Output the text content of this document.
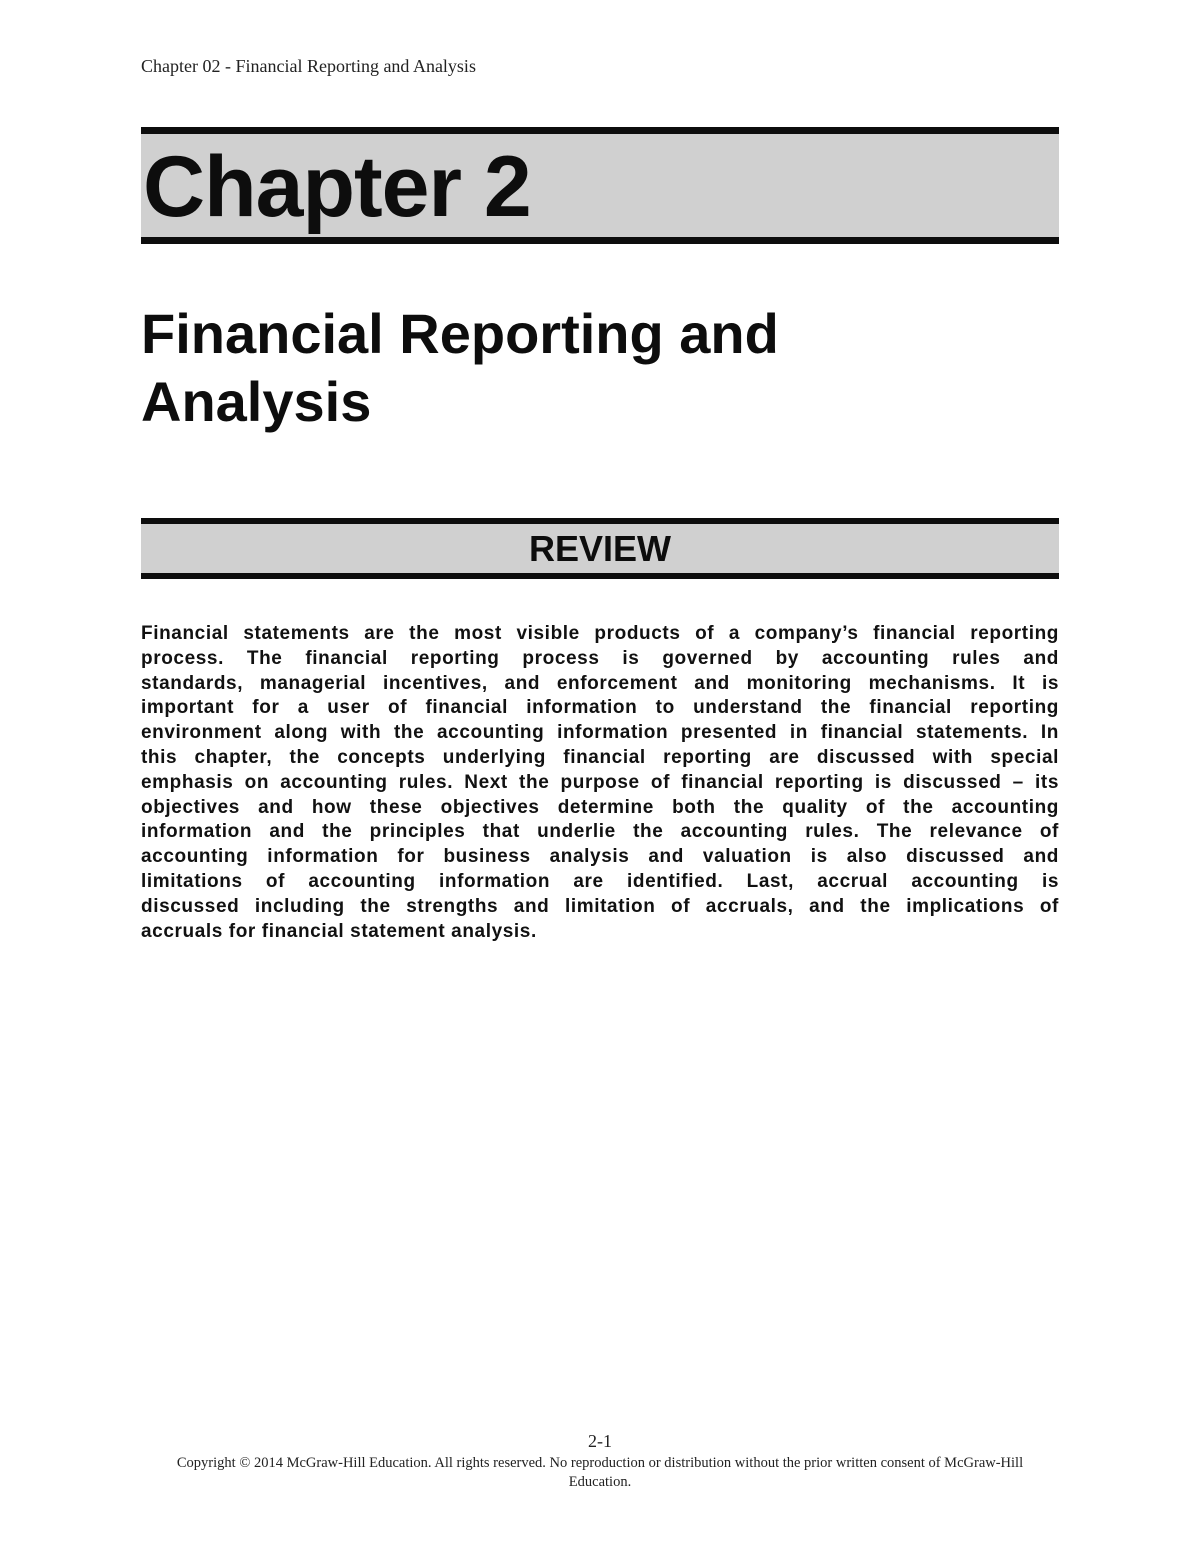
Chapter 02 - Financial Reporting and Analysis
Chapter 2
Financial Reporting and
Analysis
REVIEW

Financial statements are the most visible products of a company’s financial reporting
process. The financial reporting process is governed by accounting rules and
standards, managerial incentives, and enforcement and monitoring mechanisms. It is
important for a user of financial information to understand the financial reporting
environment along with the accounting information presented in financial statements. In
this chapter, the concepts underlying financial reporting are discussed with special
emphasis on accounting rules. Next the purpose of financial reporting is discussed – its
objectives and how these objectives determine both the quality of the accounting
information and the principles that underlie the accounting rules. The relevance of
accounting information for business analysis and valuation is also discussed and
limitations of accounting information are identified. Last, accrual accounting is
discussed including the strengths and limitation of accruals, and the implications of
accruals for financial statement analysis.

2-1
Copyright © 2014 McGraw-Hill Education. All rights reserved. No reproduction or distribution without the prior written consent of McGraw-Hill
Education.
